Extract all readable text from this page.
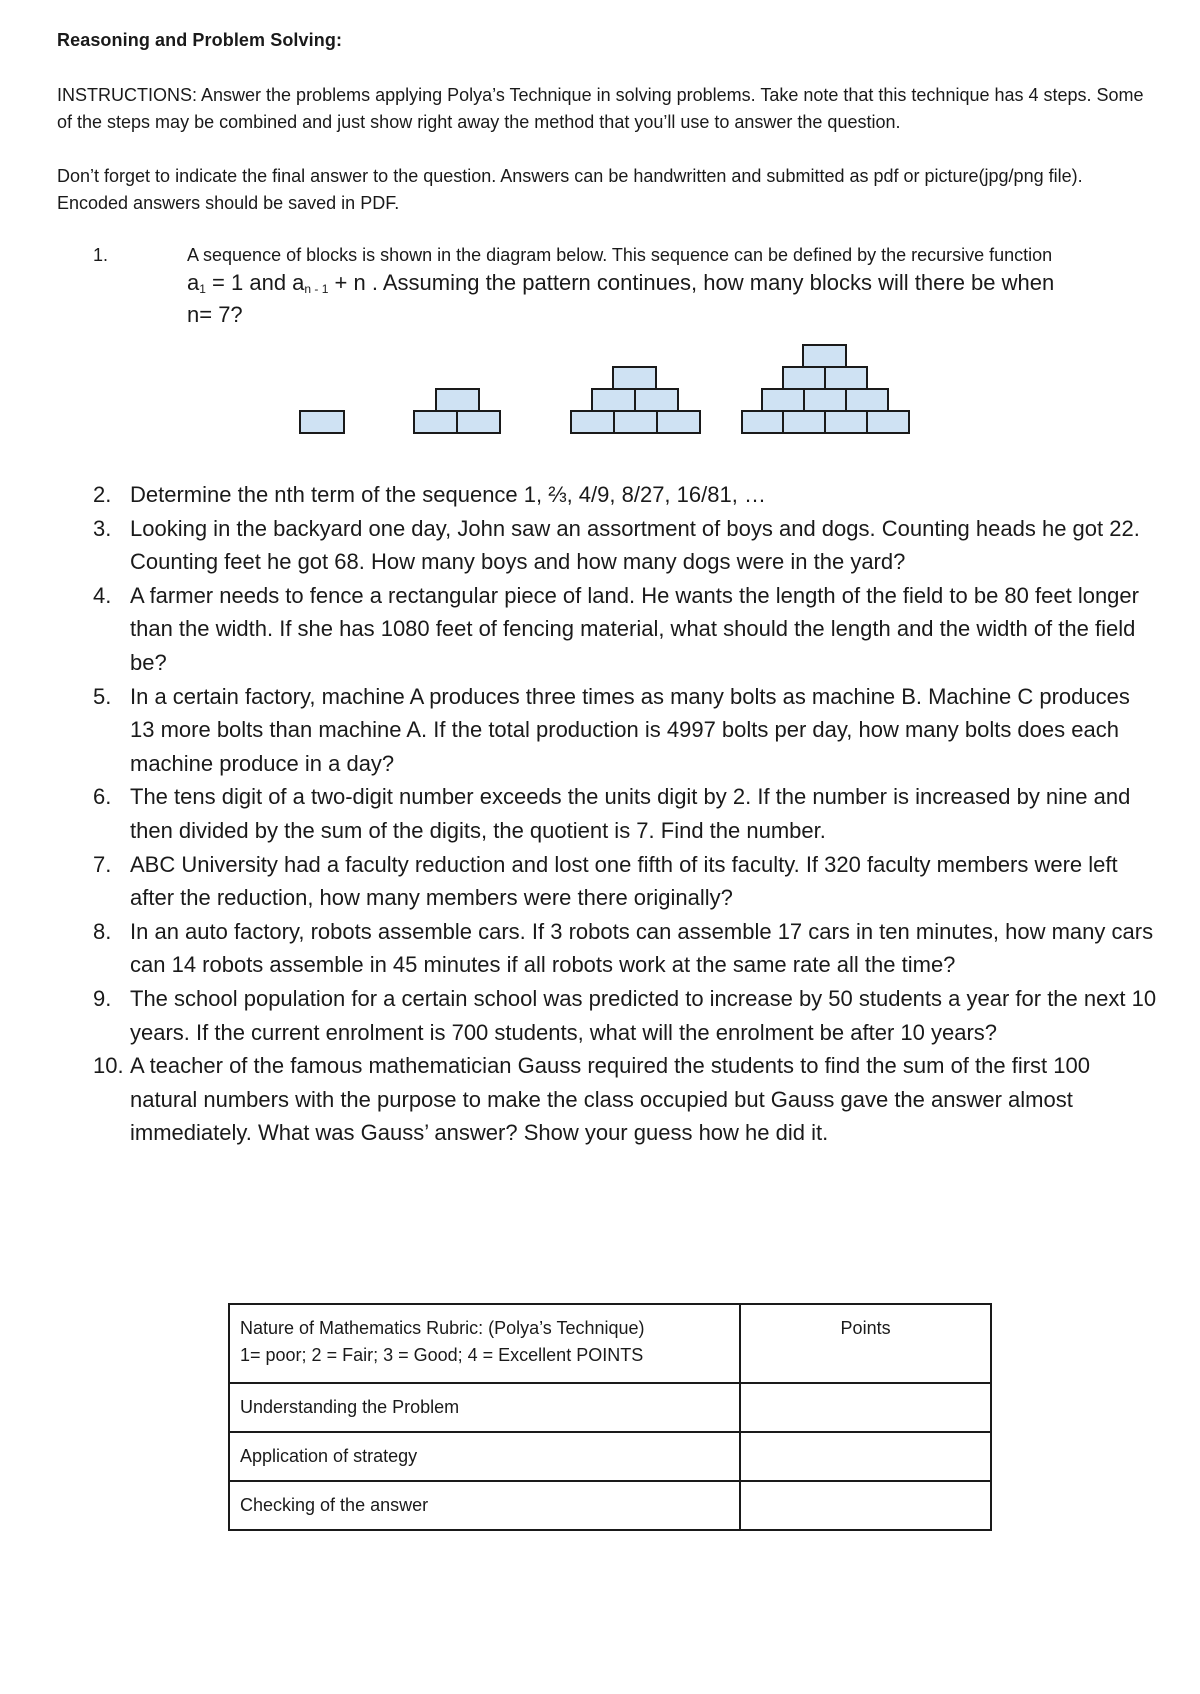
Reasoning and Problem Solving:
INSTRUCTIONS: Answer the problems applying Polya’s Technique in solving problems. Take note that this technique has 4 steps. Some of the steps may be combined and just show right away the method that you’ll use to answer the question.
Don’t forget to indicate the final answer to the question. Answers can be handwritten and submitted as pdf or picture(jpg/png file). Encoded answers should be saved in PDF.
1.	A sequence of blocks is shown in the diagram below. This sequence can be defined by the recursive function
$a_1 = 1$ and $a_{n - 1} + n$ . Assuming the pattern continues, how many blocks will there be when
n= 7?
2. Determine the nth term of the sequence 1, ⅔, 4/9, 8/27, 16/81, …
3. Looking in the backyard one day, John saw an assortment of boys and dogs. Counting heads he got 22. Counting feet he got 68. How many boys and how many dogs were in the yard?
4. A farmer needs to fence a rectangular piece of land. He wants the length of the field to be 80 feet longer than the width. If she has 1080 feet of fencing material, what should the length and the width of the field be?
5. In a certain factory, machine A produces three times as many bolts as machine B. Machine C produces 13 more bolts than machine A. If the total production is 4997 bolts per day, how many bolts does each machine produce in a day?
6. The tens digit of a two-digit number exceeds the units digit by 2. If the number is increased by nine and then divided by the sum of the digits, the quotient is 7. Find the number.
7. ABC University had a faculty reduction and lost one fifth of its faculty. If 320 faculty members were left after the reduction, how many members were there originally?
8. In an auto factory, robots assemble cars. If 3 robots can assemble 17 cars in ten minutes, how many cars can 14 robots assemble in 45 minutes if all robots work at the same rate all the time?
9. The school population for a certain school was predicted to increase by 50 students a year for the next 10 years. If the current enrolment is 700 students, what will the enrolment be after 10 years?
10. A teacher of the famous mathematician Gauss required the students to find the sum of the first 100 natural numbers with the purpose to make the class occupied but Gauss gave the answer almost immediately. What was Gauss’ answer? Show your guess how he did it.
Nature of Mathematics Rubric: (Polya’s Technique)
1= poor; 2 = Fair; 3 = Good; 4 = Excellent POINTS	Points
Understanding the Problem	
Application of strategy	
Checking of the answer	
